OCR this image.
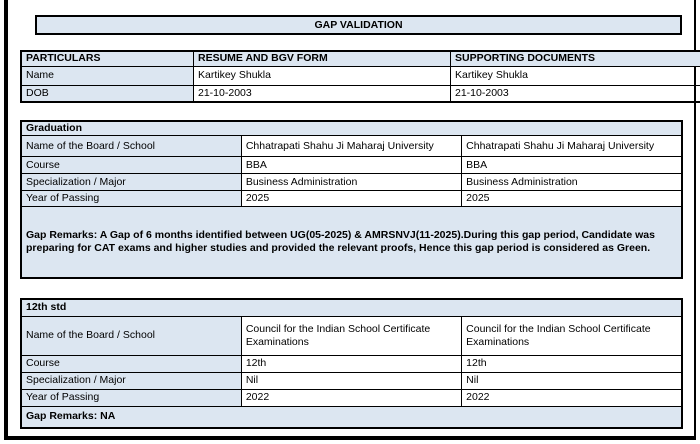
GAP VALIDATION
PARTICULARS	RESUME AND BGV FORM	SUPPORTING DOCUMENTS
Name	Kartikey Shukla	Kartikey Shukla
DOB	21-10-2003	21-10-2003
Graduation		
Name of the Board / School	Chhatrapati Shahu Ji Maharaj University	Chhatrapati Shahu Ji Maharaj University
Course	BBA	BBA
Specialization / Major	Business Administration	Business Administration
Year of Passing	2025	2025
Gap Remarks: A Gap of 6 months identified between UG(05-2025) & AMRSNVJ(11-2025).During this gap period, Candidate was preparing for CAT exams and higher studies and provided the relevant proofs, Hence this gap period is considered as Green.		
12th std		
Name of the Board / School	Council for the Indian School Certificate Examinations	Council for the Indian School Certificate Examinations
Course	12th	12th
Specialization / Major	Nil	Nil
Year of Passing	2022	2022
Gap Remarks: NA		
